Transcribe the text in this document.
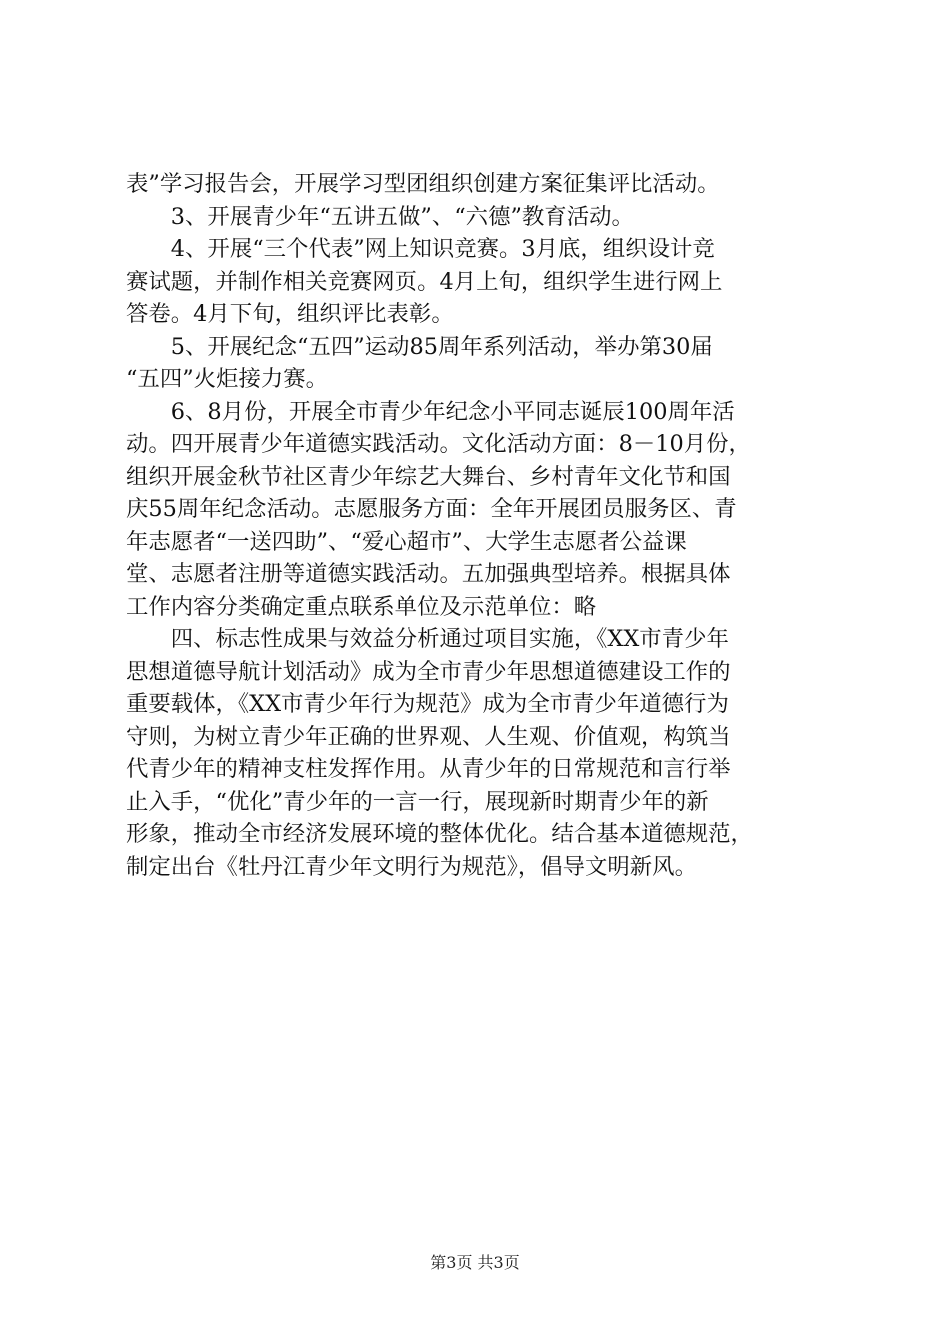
表”学习报告会，开展学习型团组织创建方案征集评比活动。
3、开展青少年“五讲五做”、“六德”教育活动。
4、开展“三个代表”网上知识竞赛。3月底，组织设计竞
赛试题，并制作相关竞赛网页。4月上旬，组织学生进行网上
答卷。4月下旬，组织评比表彰。
5、开展纪念“五四”运动85周年系列活动，举办第30届
“五四”火炬接力赛。
6、8月份，开展全市青少年纪念小平同志诞辰100周年活
动。四开展青少年道德实践活动。文化活动方面：8－10月份，
组织开展金秋节社区青少年综艺大舞台、乡村青年文化节和国
庆55周年纪念活动。志愿服务方面：全年开展团员服务区、青
年志愿者“一送四助”、“爱心超市”、大学生志愿者公益课
堂、志愿者注册等道德实践活动。五加强典型培养。根据具体
工作内容分类确定重点联系单位及示范单位：略
四、标志性成果与效益分析通过项目实施，《XX市青少年
思想道德导航计划活动》成为全市青少年思想道德建设工作的
重要载体，《XX市青少年行为规范》成为全市青少年道德行为
守则，为树立青少年正确的世界观、人生观、价值观，构筑当
代青少年的精神支柱发挥作用。从青少年的日常规范和言行举
止入手，“优化”青少年的一言一行，展现新时期青少年的新
形象，推动全市经济发展环境的整体优化。结合基本道德规范，
制定出台《牡丹江青少年文明行为规范》，倡导文明新风。
第3页 共3页
